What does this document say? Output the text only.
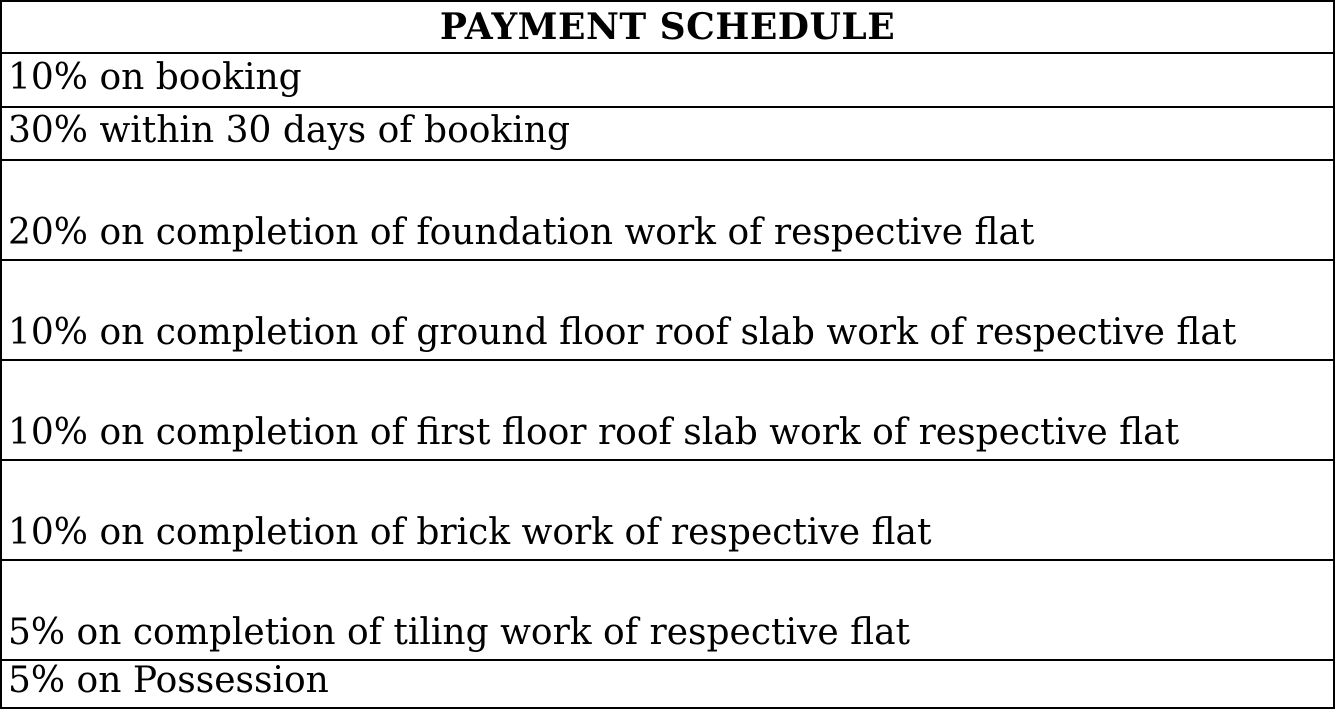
PAYMENT SCHEDULE
10% on booking
30% within 30 days of booking
20% on completion of foundation work of respective flat
10% on completion of ground floor roof slab work of respective flat
10% on completion of first floor roof slab work of respective flat
10% on completion of brick work of respective flat
5% on completion of tiling work of respective flat
5% on Possession
